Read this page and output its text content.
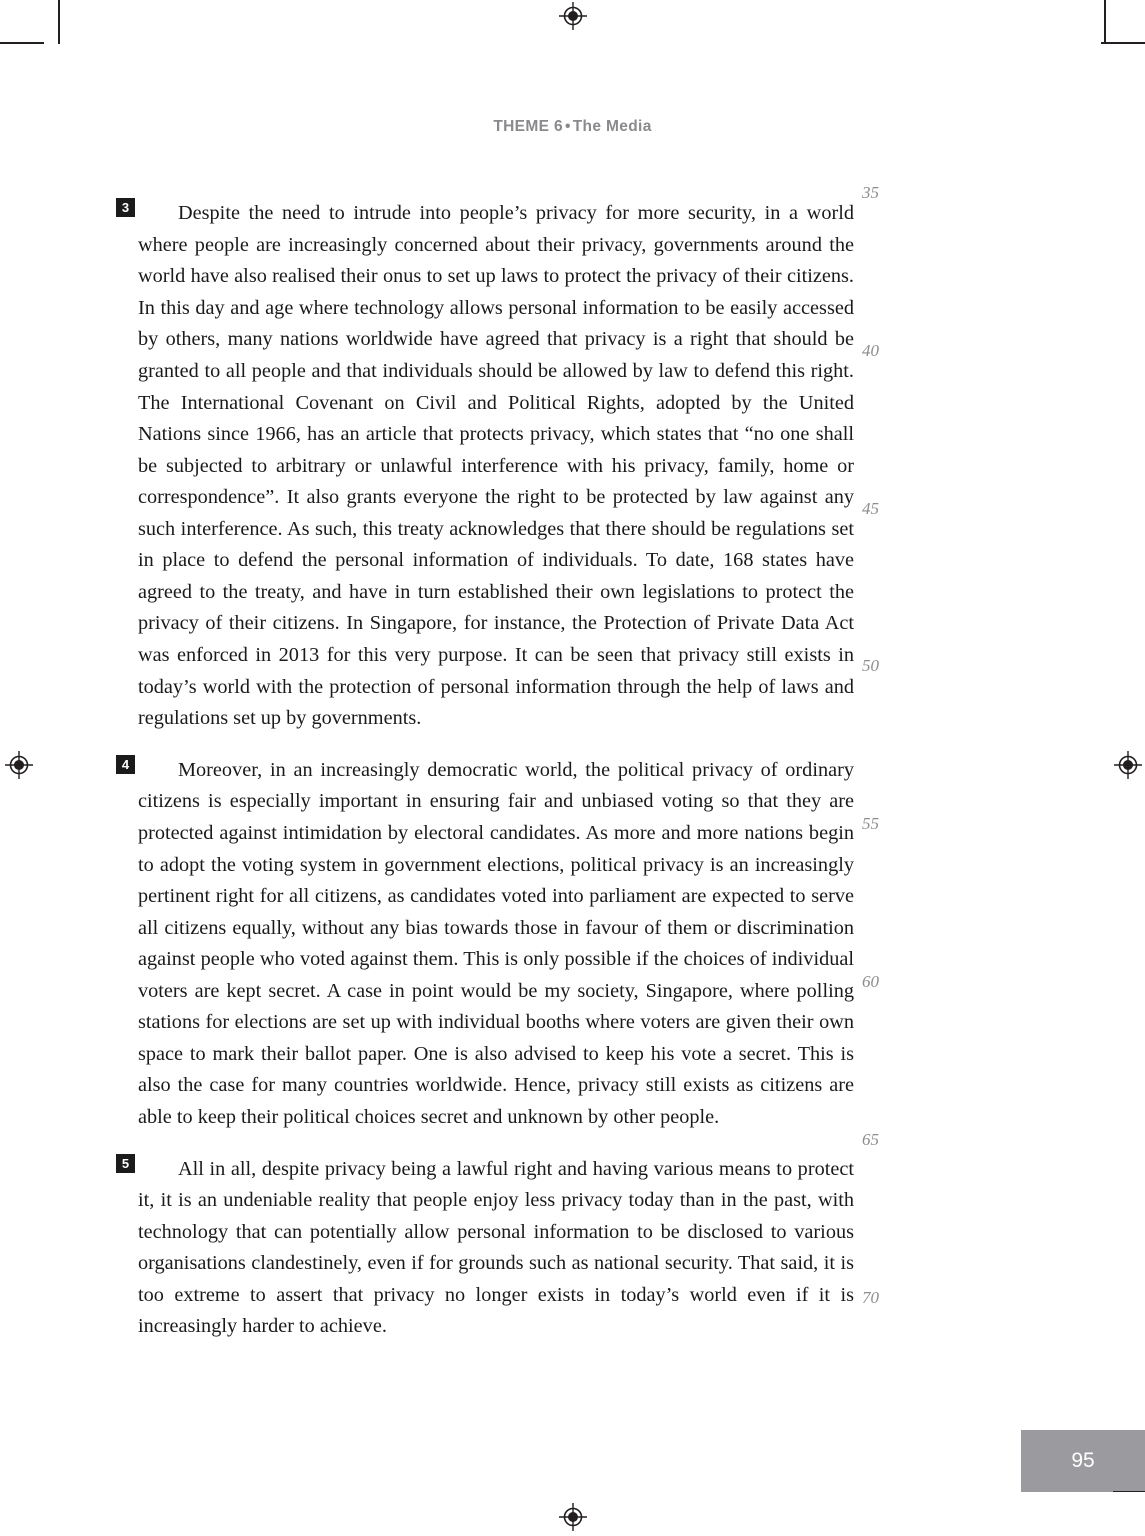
THEME 6 • The Media

3 Despite the need to intrude into people’s privacy for more security, in a world where people are increasingly concerned about their privacy, governments around the world have also realised their onus to set up laws to protect the privacy of their citizens. In this day and age where technology allows personal information to be easily accessed by others, many nations worldwide have agreed that privacy is a right that should be granted to all people and that individuals should be allowed by law to defend this right. The International Covenant on Civil and Political Rights, adopted by the United Nations since 1966, has an article that protects privacy, which states that “no one shall be subjected to arbitrary or unlawful interference with his privacy, family, home or correspondence”. It also grants everyone the right to be protected by law against any such interference. As such, this treaty acknowledges that there should be regulations set in place to defend the personal information of individuals. To date, 168 states have agreed to the treaty, and have in turn established their own legislations to protect the privacy of their citizens. In Singapore, for instance, the Protection of Private Data Act was enforced in 2013 for this very purpose. It can be seen that privacy still exists in today’s world with the protection of personal information through the help of laws and regulations set up by governments.

4 Moreover, in an increasingly democratic world, the political privacy of ordinary citizens is especially important in ensuring fair and unbiased voting so that they are protected against intimidation by electoral candidates. As more and more nations begin to adopt the voting system in government elections, political privacy is an increasingly pertinent right for all citizens, as candidates voted into parliament are expected to serve all citizens equally, without any bias towards those in favour of them or discrimination against people who voted against them. This is only possible if the choices of individual voters are kept secret. A case in point would be my society, Singapore, where polling stations for elections are set up with individual booths where voters are given their own space to mark their ballot paper. One is also advised to keep his vote a secret. This is also the case for many countries worldwide. Hence, privacy still exists as citizens are able to keep their political choices secret and unknown by other people.

5 All in all, despite privacy being a lawful right and having various means to protect it, it is an undeniable reality that people enjoy less privacy today than in the past, with technology that can potentially allow personal information to be disclosed to various organisations clandestinely, even if for grounds such as national security. That said, it is too extreme to assert that privacy no longer exists in today’s world even if it is increasingly harder to achieve.

35
40
45
50
55
60
65
70
95
